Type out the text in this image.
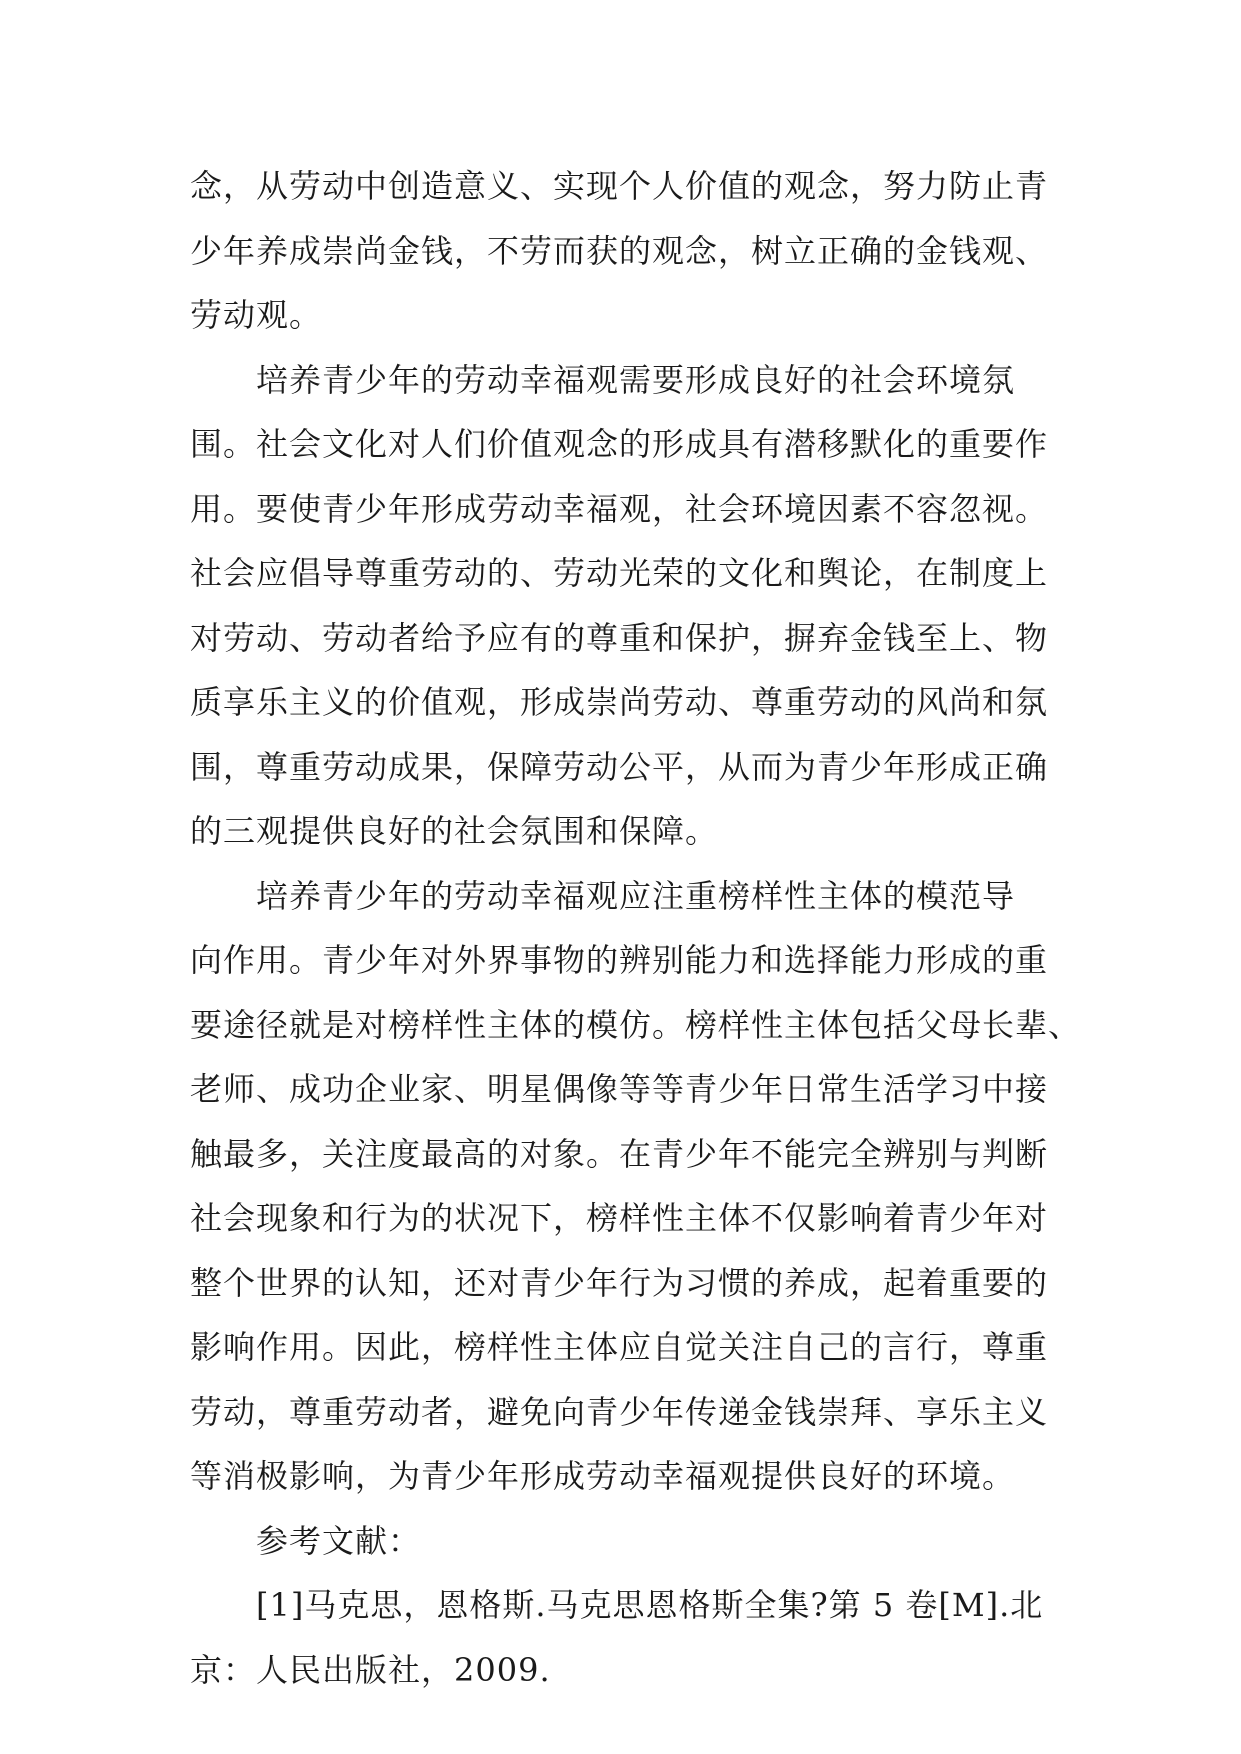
念，从劳动中创造意义、实现个人价值的观念，努力防止青
少年养成崇尚金钱，不劳而获的观念，树立正确的金钱观、
劳动观。
培养青少年的劳动幸福观需要形成良好的社会环境氛
围。社会文化对人们价值观念的形成具有潜移默化的重要作
用。要使青少年形成劳动幸福观，社会环境因素不容忽视。
社会应倡导尊重劳动的、劳动光荣的文化和舆论，在制度上
对劳动、劳动者给予应有的尊重和保护，摒弃金钱至上、物
质享乐主义的价值观，形成崇尚劳动、尊重劳动的风尚和氛
围，尊重劳动成果，保障劳动公平，从而为青少年形成正确
的三观提供良好的社会氛围和保障。
培养青少年的劳动幸福观应注重榜样性主体的模范导
向作用。青少年对外界事物的辨别能力和选择能力形成的重
要途径就是对榜样性主体的模仿。榜样性主体包括父母长辈、
老师、成功企业家、明星偶像等等青少年日常生活学习中接
触最多，关注度最高的对象。在青少年不能完全辨别与判断
社会现象和行为的状况下，榜样性主体不仅影响着青少年对
整个世界的认知，还对青少年行为习惯的养成，起着重要的
影响作用。因此，榜样性主体应自觉关注自己的言行，尊重
劳动，尊重劳动者，避免向青少年传递金钱崇拜、享乐主义
等消极影响，为青少年形成劳动幸福观提供良好的环境。
参考文献：
[1]马克思，恩格斯.马克思恩格斯全集?第 5 卷[M].北
京：人民出版社，2009.
